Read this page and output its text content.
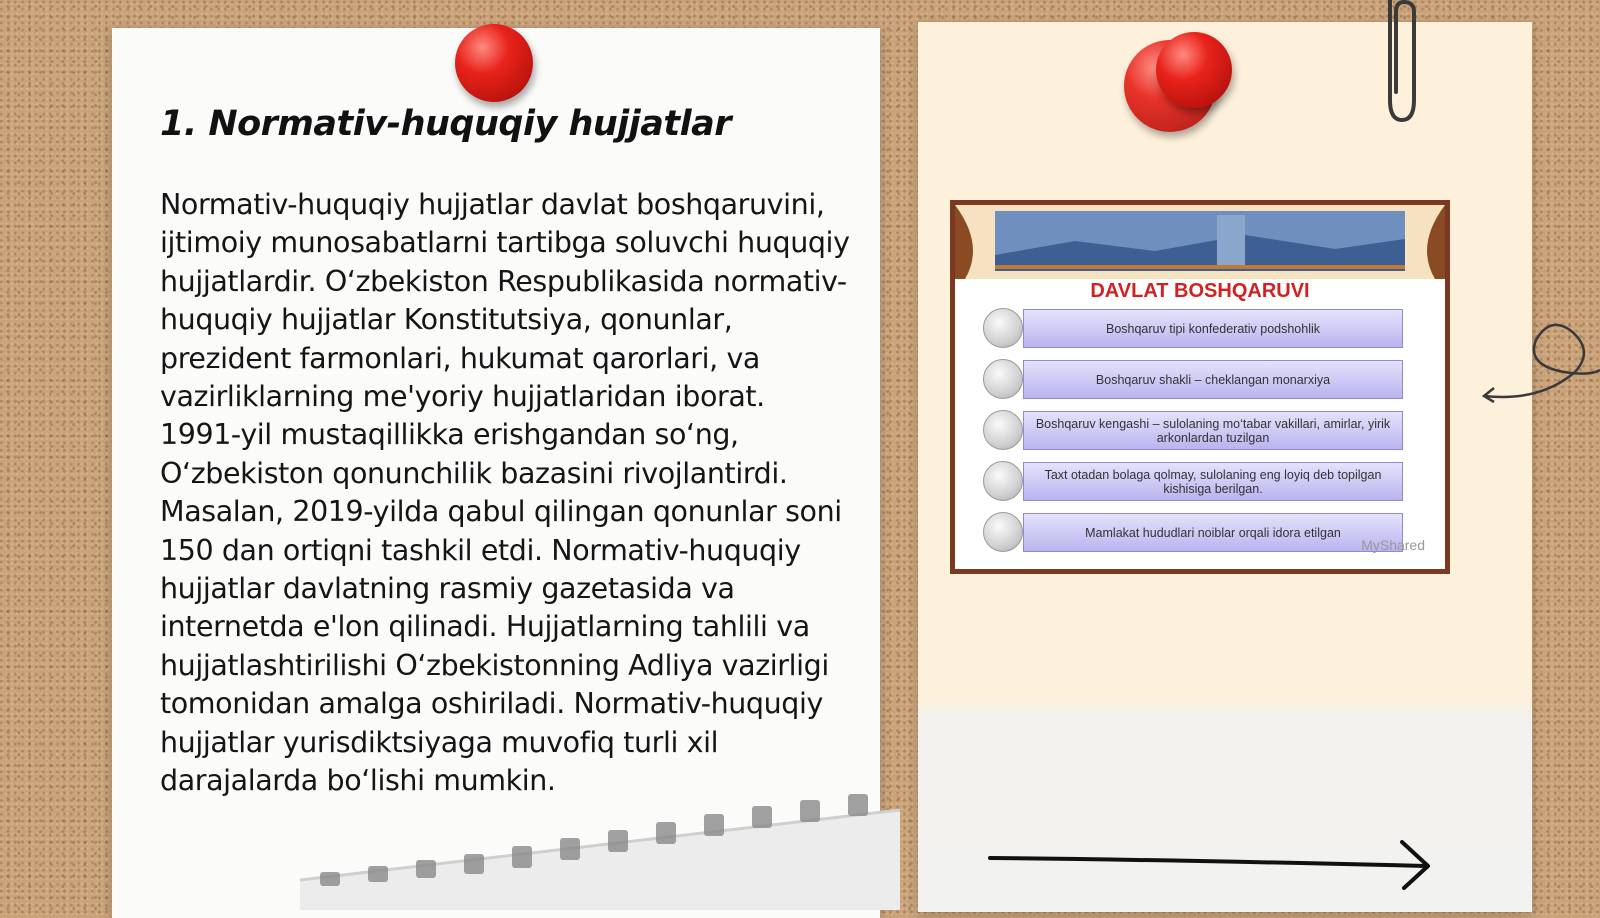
1. Normativ-huquqiy hujjatlar

Normativ-huquqiy hujjatlar davlat boshqaruvini, ijtimoiy munosabatlarni tartibga soluvchi huquqiy hujjatlardir. O‘zbekiston Respublikasida normativ-huquqiy hujjatlar Konstitutsiya, qonunlar, prezident farmonlari, hukumat qarorlari, va vazirliklarning me'yoriy hujjatlaridan iborat. 1991-yil mustaqillikka erishgandan so‘ng, O‘zbekiston qonunchilik bazasini rivojlantirdi. Masalan, 2019-yilda qabul qilingan qonunlar soni 150 dan ortiqni tashkil etdi. Normativ-huquqiy hujjatlar davlatning rasmiy gazetasida va internetda e'lon qilinadi. Hujjatlarning tahlili va hujjatlashtirilishi O‘zbekistonning Adliya vazirligi tomonidan amalga oshiriladi. Normativ-huquqiy hujjatlar yurisdiktsiyaga muvofiq turli xil darajalarda bo‘lishi mumkin.

DAVLAT BOSHQARUVI
Boshqaruv tipi konfederativ podshohlik
Boshqaruv shakli – cheklangan monarxiya
Boshqaruv kengashi – sulolaning mo‘tabar vakillari, amirlar, yirik arkonlardan tuzilgan
Taxt otadan bolaga qolmay, sulolaning eng loyiq deb topilgan kishisiga berilgan.
Mamlakat hududlari noiblar orqali idora etilgan
MyShared
